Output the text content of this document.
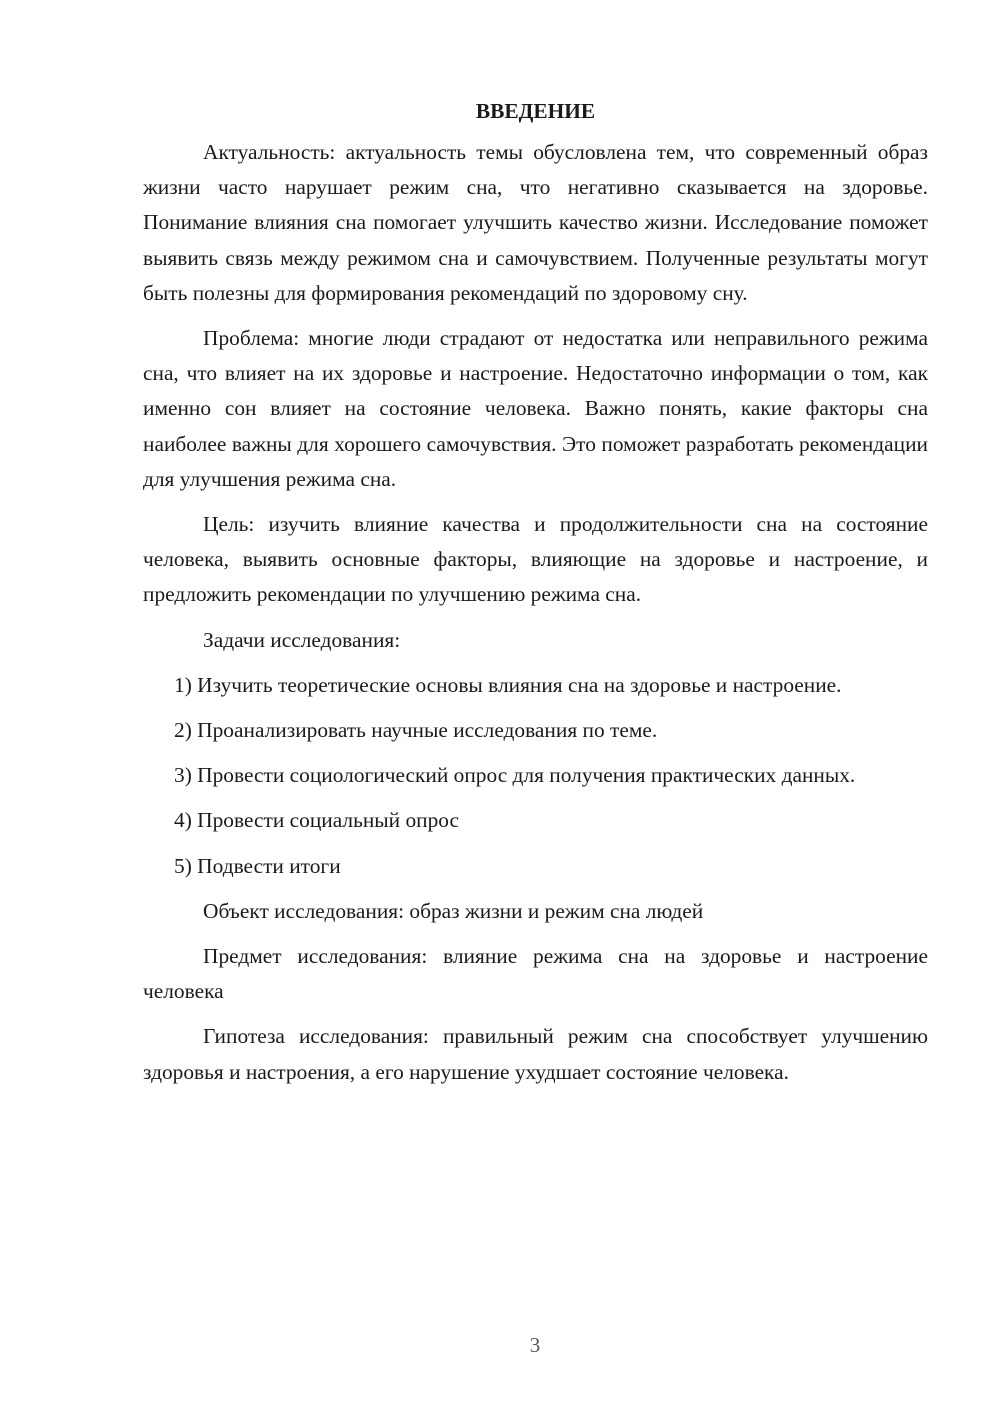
ВВЕДЕНИЕ

Актуальность: актуальность темы обусловлена тем, что современный образ жизни часто нарушает режим сна, что негативно сказывается на здоровье. Понимание влияния сна помогает улучшить качество жизни. Исследование поможет выявить связь между режимом сна и самочувствием. Полученные результаты могут быть полезны для формирования рекомендаций по здоровому сну.

Проблема: многие люди страдают от недостатка или неправильного режима сна, что влияет на их здоровье и настроение. Недостаточно информации о том, как именно сон влияет на состояние человека. Важно понять, какие факторы сна наиболее важны для хорошего самочувствия. Это поможет разработать рекомендации для улучшения режима сна.

Цель: изучить влияние качества и продолжительности сна на состояние человека, выявить основные факторы, влияющие на здоровье и настроение, и предложить рекомендации по улучшению режима сна.

Задачи исследования:

1) Изучить теоретические основы влияния сна на здоровье и настроение.

2) Проанализировать научные исследования по теме.

3) Провести социологический опрос для получения практических данных.

4) Провести социальный опрос

5) Подвести итоги

Объект исследования: образ жизни и режим сна людей

Предмет исследования: влияние режима сна на здоровье и настроение человека

Гипотеза исследования: правильный режим сна способствует улучшению здоровья и настроения, а его нарушение ухудшает состояние человека.

3
